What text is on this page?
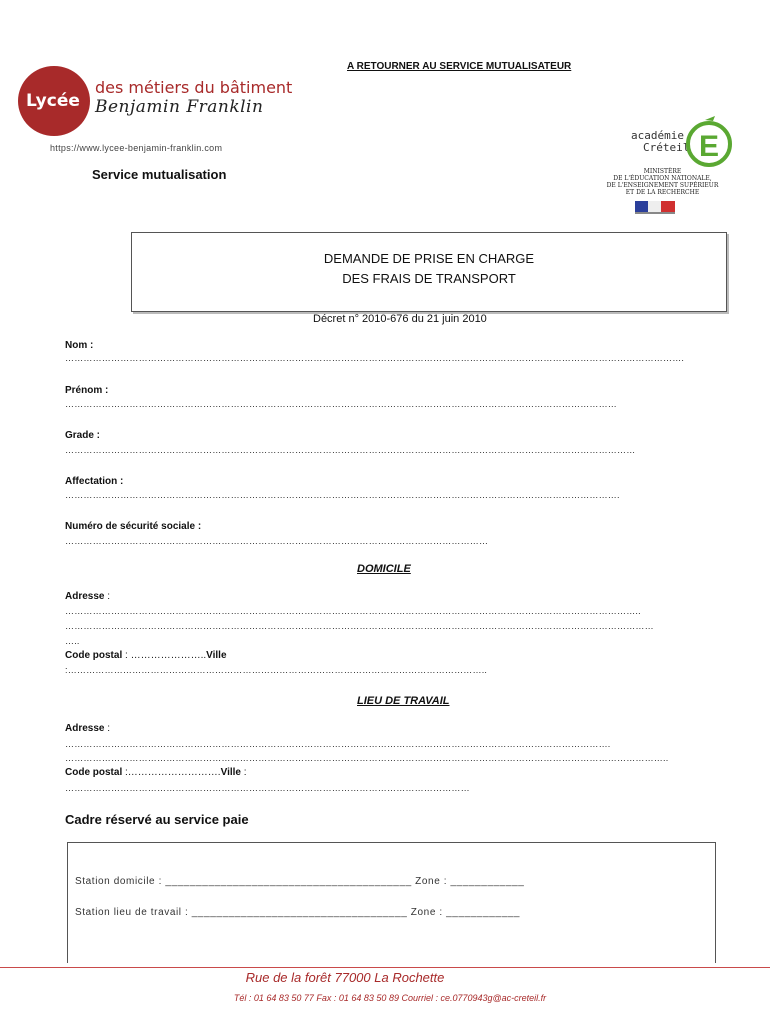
A RETOURNER AU SERVICE MUTUALISATEUR
Lycée
des métiers du bâtiment
Benjamin Franklin
https://www.lycee-benjamin-franklin.com
Service mutualisation
académie
Créteil E
MINISTÈRE
DE L'ÉDUCATION NATIONALE,
DE L'ENSEIGNEMENT SUPÉRIEUR
ET DE LA RECHERCHE
DEMANDE DE PRISE EN CHARGE
DES FRAIS DE TRANSPORT
Décret n° 2010-676 du 21 juin 2010
Nom :
………………………………………………………………………………………………………………………………………………………………………………….
Prénom :
………………………………………………………………………………………………………………………………………………………………
Grade :
……………………………………………………………………………………………………………………………………………………………………
Affectation :
……………………………………………………………………………………………………………………………………………………………….
Numéro de sécurité sociale :
…………………………………………………………………………………………………………………………
DOMICILE
Adresse :
……………………………………………………………………………………………………………………………………………………………………..
…………………………………………………………………………………………………………………………………………………………………………
…..
Code postal : …………………..Ville
:………………………………………………………………………………………………………………………..
LIEU DE TRAVAIL
Adresse :
…………………………………………………………………………………………………………………………………………………………….
……………………………………………………………………………………………………………………………………………………………………………..
Code postal :……………………….Ville :
……………………………………………………………………………………………………………………
Cadre réservé au service paie
Station domicile : ________________________________________ Zone : ____________
Station lieu de travail : ___________________________________ Zone : ____________
Rue de la forêt 77000 La Rochette
Tél : 01 64 83 50 77 Fax : 01 64 83 50 89 Courriel : ce.0770943g@ac-creteil.fr
